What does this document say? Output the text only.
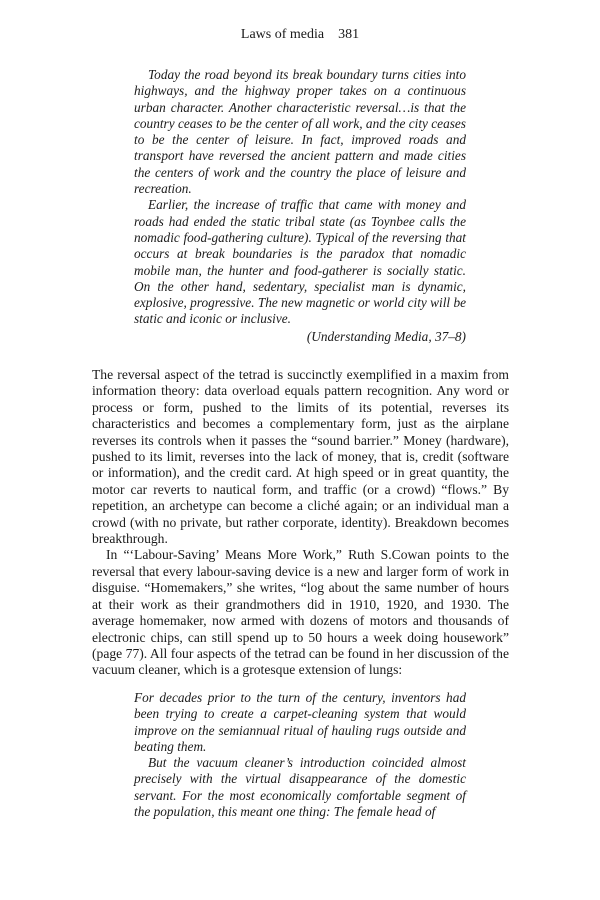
Laws of media 381

Today the road beyond its break boundary turns cities into highways, and the highway proper takes on a continuous urban character. Another characteristic reversal…is that the country ceases to be the center of all work, and the city ceases to be the center of leisure. In fact, improved roads and transport have reversed the ancient pattern and made cities the centers of work and the country the place of leisure and recreation.

Earlier, the increase of traffic that came with money and roads had ended the static tribal state (as Toynbee calls the nomadic food-gathering culture). Typical of the reversing that occurs at break boundaries is the paradox that nomadic mobile man, the hunter and food-gatherer is socially static. On the other hand, sedentary, specialist man is dynamic, explosive, progressive. The new magnetic or world city will be static and iconic or inclusive.

(Understanding Media, 37–8)

The reversal aspect of the tetrad is succinctly exemplified in a maxim from information theory: data overload equals pattern recognition. Any word or process or form, pushed to the limits of its potential, reverses its characteristics and becomes a complementary form, just as the airplane reverses its controls when it passes the “sound barrier.” Money (hardware), pushed to its limit, reverses into the lack of money, that is, credit (software or information), and the credit card. At high speed or in great quantity, the motor car reverts to nautical form, and traffic (or a crowd) “flows.” By repetition, an archetype can become a cliché again; or an individual man a crowd (with no private, but rather corporate, identity). Breakdown becomes breakthrough.

In “‘Labour-Saving’ Means More Work,” Ruth S.Cowan points to the reversal that every labour-saving device is a new and larger form of work in disguise. “Homemakers,” she writes, “log about the same number of hours at their work as their grandmothers did in 1910, 1920, and 1930. The average homemaker, now armed with dozens of motors and thousands of electronic chips, can still spend up to 50 hours a week doing housework” (page 77). All four aspects of the tetrad can be found in her discussion of the vacuum cleaner, which is a grotesque extension of lungs:

For decades prior to the turn of the century, inventors had been trying to create a carpet-cleaning system that would improve on the semiannual ritual of hauling rugs outside and beating them.

But the vacuum cleaner’s introduction coincided almost precisely with the virtual disappearance of the domestic servant. For the most economically comfortable segment of the population, this meant one thing: The female head of
